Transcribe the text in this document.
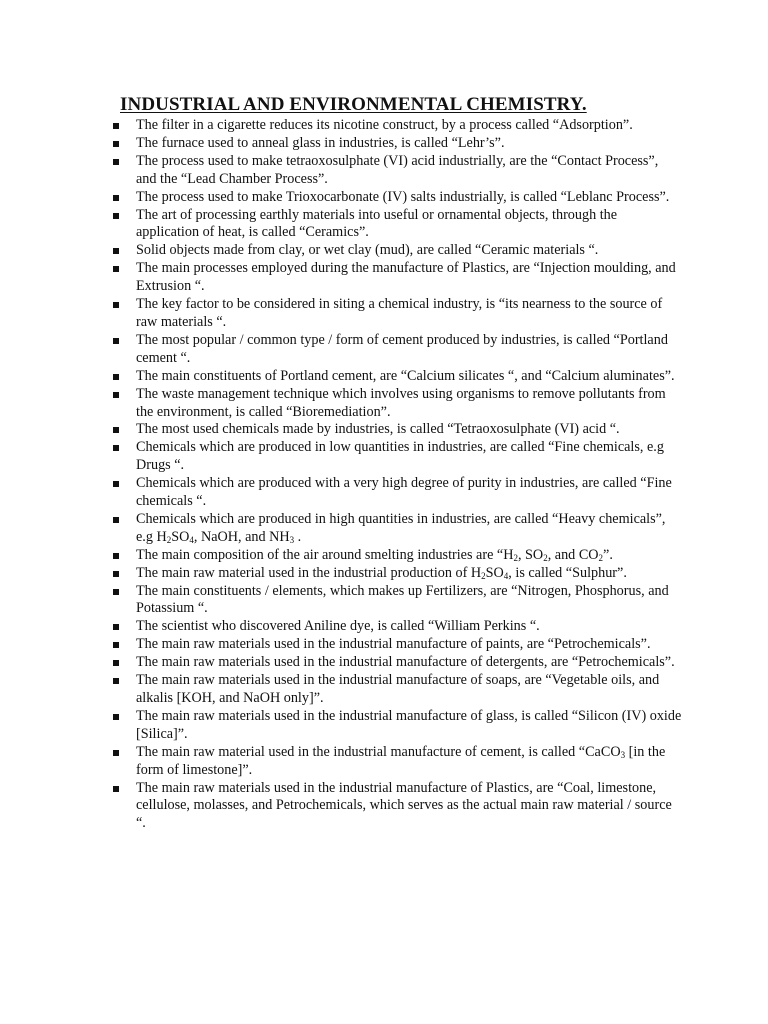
INDUSTRIAL AND ENVIRONMENTAL CHEMISTRY.
The filter in a cigarette reduces its nicotine construct, by a process called “Adsorption”.
The furnace used to anneal glass in industries, is called “Lehr’s”.
The process used to make tetraoxosulphate (VI) acid industrially, are the “Contact Process”, and the “Lead Chamber Process”.
The process used to make Trioxocarbonate (IV) salts industrially, is called “Leblanc Process”.
The art of processing earthly materials into useful or ornamental objects, through the application of heat, is called “Ceramics”.
Solid objects made from clay, or wet clay (mud), are called “Ceramic materials “.
The main processes employed during the manufacture of Plastics, are “Injection moulding, and Extrusion “.
The key factor to be considered in siting a chemical industry, is “its nearness to the source of raw materials “.
The most popular / common type / form of cement produced by industries, is called “Portland cement “.
The main constituents of Portland cement, are “Calcium silicates “, and “Calcium aluminates”.
The waste management technique which involves using organisms to remove pollutants from the environment, is called “Bioremediation”.
The most used chemicals made by industries, is called “Tetraoxosulphate (VI) acid “.
Chemicals which are produced in low quantities in industries, are called “Fine chemicals, e.g Drugs “.
Chemicals which are produced with a very high degree of purity in industries, are called “Fine chemicals “.
Chemicals which are produced in high quantities in industries, are called “Heavy chemicals”, e.g $H_2SO_4$, NaOH, and $NH_3$ .
The main composition of the air around smelting industries are “$H_2$, $SO_2$, and $CO_2$”.
The main raw material used in the industrial production of $H_2SO_4$, is called “Sulphur”.
The main constituents / elements, which makes up Fertilizers, are “Nitrogen, Phosphorus, and Potassium “.
The scientist who discovered Aniline dye, is called “William Perkins “.
The main raw materials used in the industrial manufacture of paints, are “Petrochemicals”.
The main raw materials used in the industrial manufacture of detergents, are “Petrochemicals”.
The main raw materials used in the industrial manufacture of soaps, are “Vegetable oils, and alkalis [KOH, and NaOH only]”.
The main raw materials used in the industrial manufacture of glass, is called “Silicon (IV) oxide [Silica]”.
The main raw material used in the industrial manufacture of cement, is called “CaCO$_3$ [in the form of limestone]”.
The main raw materials used in the industrial manufacture of Plastics, are “Coal, limestone, cellulose, molasses, and Petrochemicals, which serves as the actual main raw material / source “.
